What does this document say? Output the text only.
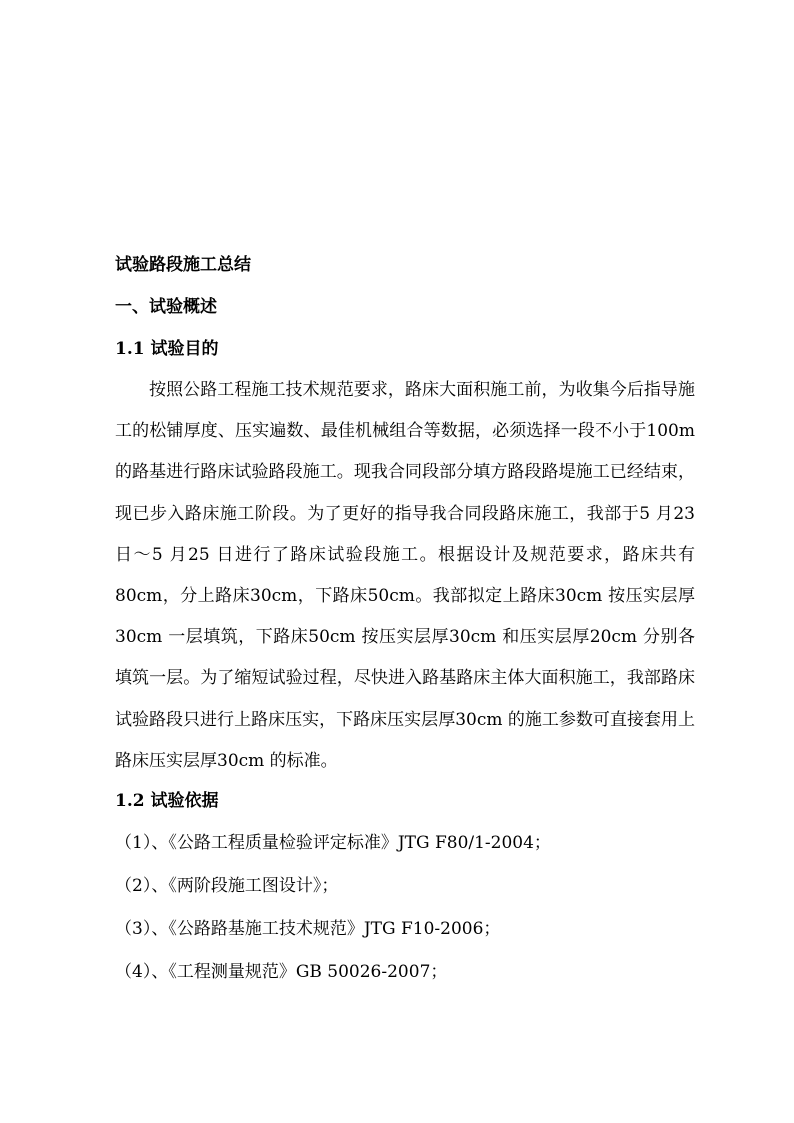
试验路段施工总结
一、试验概述
1.1 试验目的

按照公路工程施工技术规范要求，路床大面积施工前，为收集今后指导施工的松铺厚度、压实遍数、最佳机械组合等数据，必须选择一段不小于100m 的路基进行路床试验路段施工。现我合同段部分填方路段路堤施工已经结束，现已步入路床施工阶段。为了更好的指导我合同段路床施工，我部于5 月23 日～5 月25 日进行了路床试验段施工。根据设计及规范要求，路床共有80cm，分上路床30cm，下路床50cm。我部拟定上路床30cm 按压实层厚30cm 一层填筑，下路床50cm 按压实层厚30cm 和压实层厚20cm 分别各填筑一层。为了缩短试验过程，尽快进入路基路床主体大面积施工，我部路床试验路段只进行上路床压实，下路床压实层厚30cm 的施工参数可直接套用上路床压实层厚30cm 的标准。

1.2 试验依据
（1）、《公路工程质量检验评定标准》JTG F80/1-2004；
（2）、《两阶段施工图设计》；
（3）、《公路路基施工技术规范》JTG F10-2006；
（4）、《工程测量规范》GB 50026-2007；
